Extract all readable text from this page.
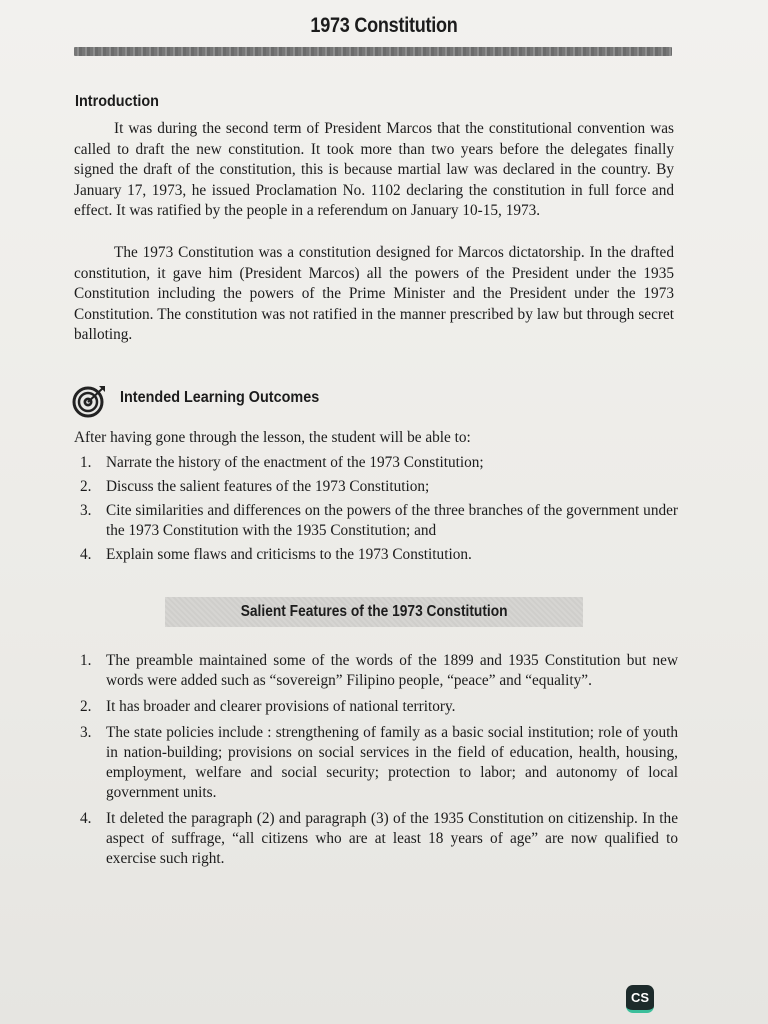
1973 Constitution
Introduction

It was during the second term of President Marcos that the constitutional convention was called to draft the new constitution. It took more than two years before the delegates finally signed the draft of the constitution, this is because martial law was declared in the country. By January 17, 1973, he issued Proclamation No. 1102 declaring the constitution in full force and effect. It was ratified by the people in a referendum on January 10-15, 1973.

The 1973 Constitution was a constitution designed for Marcos dictatorship. In the drafted constitution, it gave him (President Marcos) all the powers of the President under the 1935 Constitution including the powers of the Prime Minister and the President under the 1973 Constitution. The constitution was not ratified in the manner prescribed by law but through secret balloting.

Intended Learning Outcomes

After having gone through the lesson, the student will be able to:

1. Narrate the history of the enactment of the 1973 Constitution;
2. Discuss the salient features of the 1973 Constitution;
3. Cite similarities and differences on the powers of the three branches of the government under the 1973 Constitution with the 1935 Constitution; and
4. Explain some flaws and criticisms to the 1973 Constitution.
Salient Features of the 1973 Constitution
1. The preamble maintained some of the words of the 1899 and 1935 Constitution but new words were added such as “sovereign” Filipino people, “peace” and “equality”.
2. It has broader and clearer provisions of national territory.
3. The state policies include : strengthening of family as a basic social institution; role of youth in nation-building; provisions on social services in the field of education, health, housing, employment, welfare and social security; protection to labor; and autonomy of local government units.
4. It deleted the paragraph (2) and paragraph (3) of the 1935 Constitution on citizenship. In the aspect of suffrage, “all citizens who are at least 18 years of age” are now qualified to exercise such right.
CS
